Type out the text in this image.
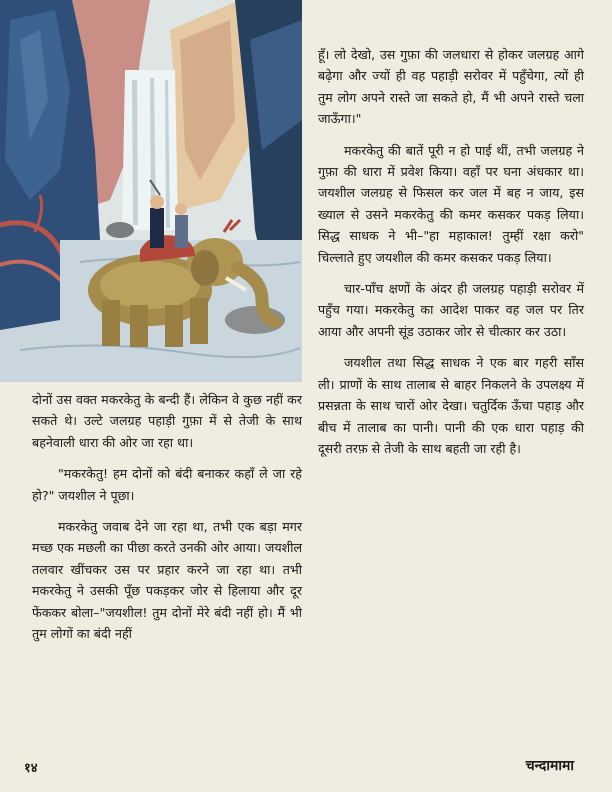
दोनों उस वक्त मकरकेतु के बन्दी हैं। लेकिन वे कुछ नहीं कर सकते थे। उल्टे जलग्रह पहाड़ी गुफ़ा में से तेजी के साथ बहनेवाली धारा की ओर जा रहा था।

"मकरकेतु! हम दोनों को बंदी बनाकर कहाँ ले जा रहे हो?" जयशील ने पूछा।

मकरकेतु जवाब देने जा रहा था, तभी एक बड़ा मगर मच्छ एक मछली का पीछा करते उनकी ओर आया। जयशील तलवार खींचकर उस पर प्रहार करने जा रहा था। तभी मकरकेतु ने उसकी पूँछ पकड़कर जोर से हिलाया और दूर फेंककर बोला–"जयशील! तुम दोनों मेरे बंदी नहीं हो। मैं भी तुम लोगों का बंदी नहीं

हूँ। लो देखो, उस गुफ़ा की जलधारा से होकर जलग्रह आगे बढ़ेगा और ज्यों ही वह पहाड़ी सरोवर में पहुँचेगा, त्यों ही तुम लोग अपने रास्ते जा सकते हो, मैं भी अपने रास्ते चला जाऊँगा।"

मकरकेतु की बातें पूरी न हो पाई थीं, तभी जलग्रह ने गुफ़ा की धारा में प्रवेश किया। वहाँ पर घना अंधकार था। जयशील जलग्रह से फिसल कर जल में बह न जाय, इस ख्याल से उसने मकरकेतु की कमर कसकर पकड़ लिया। सिद्ध साधक ने भी–"हा महाकाल! तुम्हीं रक्षा करो" चिल्लाते हुए जयशील की कमर कसकर पकड़ लिया।

चार-पाँच क्षणों के अंदर ही जलग्रह पहाड़ी सरोवर में पहुँच गया। मकरकेतु का आदेश पाकर वह जल पर तिर आया और अपनी सूंड उठाकर जोर से चीत्कार कर उठा।

जयशील तथा सिद्ध साधक ने एक बार गहरी साँस ली। प्राणों के साथ तालाब से बाहर निकलने के उपलक्ष्य में प्रसन्नता के साथ चारों ओर देखा। चतुर्दिक ऊँचा पहाड़ और बीच में तालाब का पानी। पानी की एक धारा पहाड़ की दूसरी तरफ़ से तेजी के साथ बहती जा रही है।

१४	चन्दामामा
